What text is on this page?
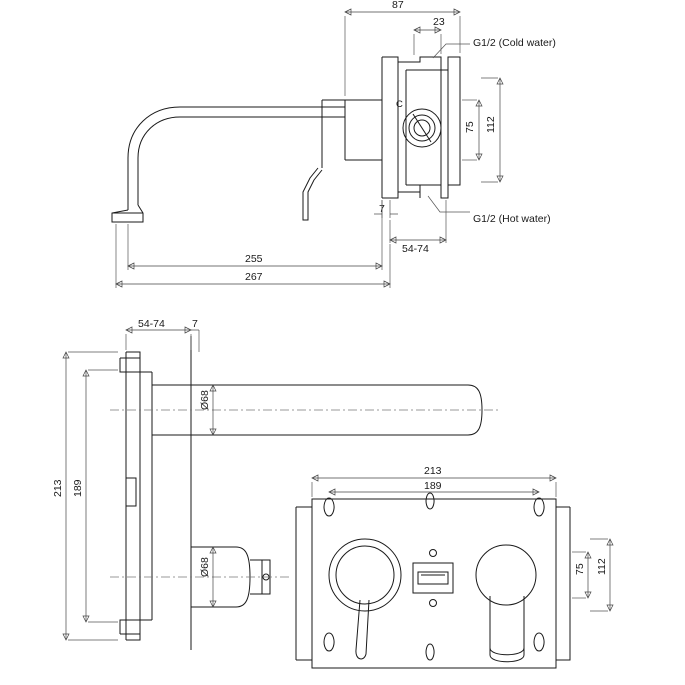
C
87
23
75 112
G1/2 (Cold water)
G1/2 (Hot water)
7
54-74
255
267
54-74	7
213 189
Ø68
Ø68
213
189
75 112
